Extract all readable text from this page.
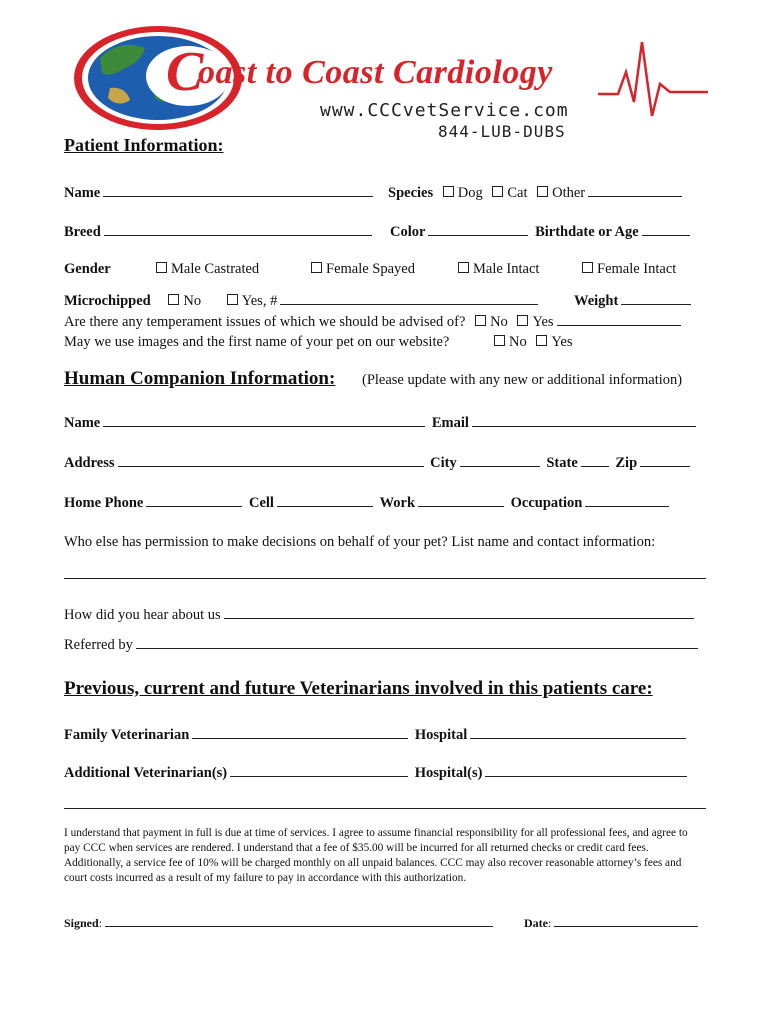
C
oast to Coast Cardiology
www.CCCvetService.com
844-LUB-DUBS
Patient Information:
Name	Species Dog Cat Other
Breed	Color	Birthdate or Age
Gender	Male Castrated	Female Spayed	Male Intact	Female Intact
Microchipped No	Yes, #	Weight
Are there any temperament issues of which we should be advised of? No Yes
May we use images and the first name of your pet on our website?	No Yes
Human Companion Information: (Please update with any new or additional information)
Name	Email
Address	City	State	Zip
Home Phone	Cell	Work	Occupation
Who else has permission to make decisions on behalf of your pet? List name and contact information:
How did you hear about us
Referred by
Previous, current and future Veterinarians involved in this patients care:
Family Veterinarian	Hospital
Additional Veterinarian(s)	Hospital(s)
I understand that payment in full is due at time of services. I agree to assume financial responsibility for all professional fees, and agree to pay CCC when services are rendered. I understand that a fee of $35.00 will be incurred for all returned checks or credit card fees. Additionally, a service fee of 10% will be charged monthly on all unpaid balances. CCC may also recover reasonable attorney’s fees and court costs incurred as a result of my failure to pay in accordance with this authorization.
Signed:	Date:
